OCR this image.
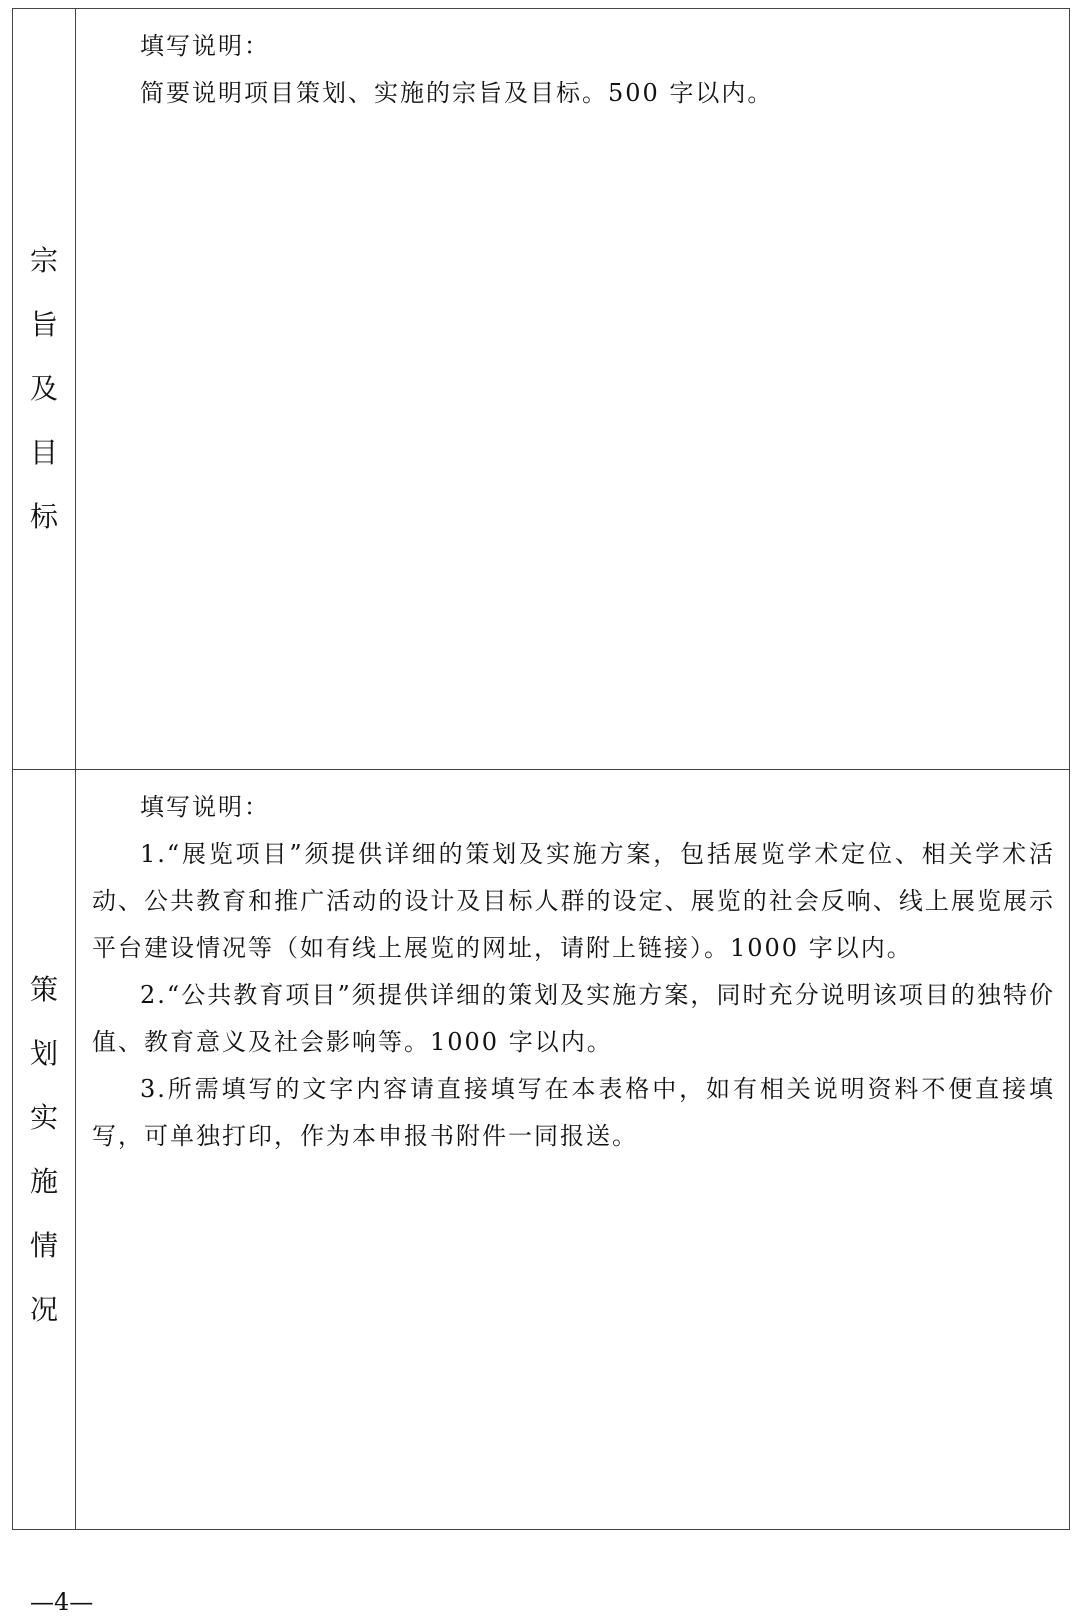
宗
旨
及
目
标

填写说明：

简要说明项目策划、实施的宗旨及目标。500 字以内。

策
划
实
施
情
况

填写说明：

1.“展览项目”须提供详细的策划及实施方案，包括展览学术定位、相关学术活动、公共教育和推广活动的设计及目标人群的设定、展览的社会反响、线上展览展示平台建设情况等（如有线上展览的网址，请附上链接）。1000 字以内。

2.“公共教育项目”须提供详细的策划及实施方案，同时充分说明该项目的独特价值、教育意义及社会影响等。1000 字以内。

3.所需填写的文字内容请直接填写在本表格中，如有相关说明资料不便直接填写，可单独打印，作为本申报书附件一同报送。

—4—
